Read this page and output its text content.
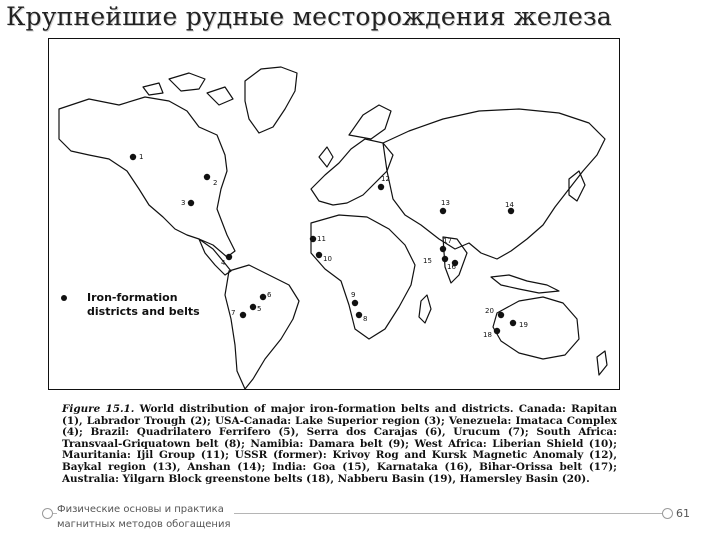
Крупнейшие рудные месторождения железа
1
2
3
4
5
6
7
8
9
10
11
12
13	14
15
16
17
18
19
20
Iron-formation
districts and belts
Figure 15.1. World distribution of major iron-formation belts and districts. Canada: Rapitan (1), Labrador Trough (2); USA-Canada: Lake Superior region (3); Venezuela: Imataca Complex (4); Brazil: Quadrilatero Ferrifero (5), Serra dos Carajas (6), Urucum (7); South Africa: Transvaal-Griquatown belt (8); Namibia: Damara belt (9); West Africa: Liberian Shield (10); Mauritania: Ijil Group (11); USSR (former): Krivoy Rog and Kursk Magnetic Anomaly (12), Baykal region (13), Anshan (14); India: Goa (15), Karnataka (16), Bihar-Orissa belt (17); Australia: Yilgarn Block greenstone belts (18), Nabberu Basin (19), Hamersley Basin (20).
Физические основы и практика
магнитных методов обогащения
61
